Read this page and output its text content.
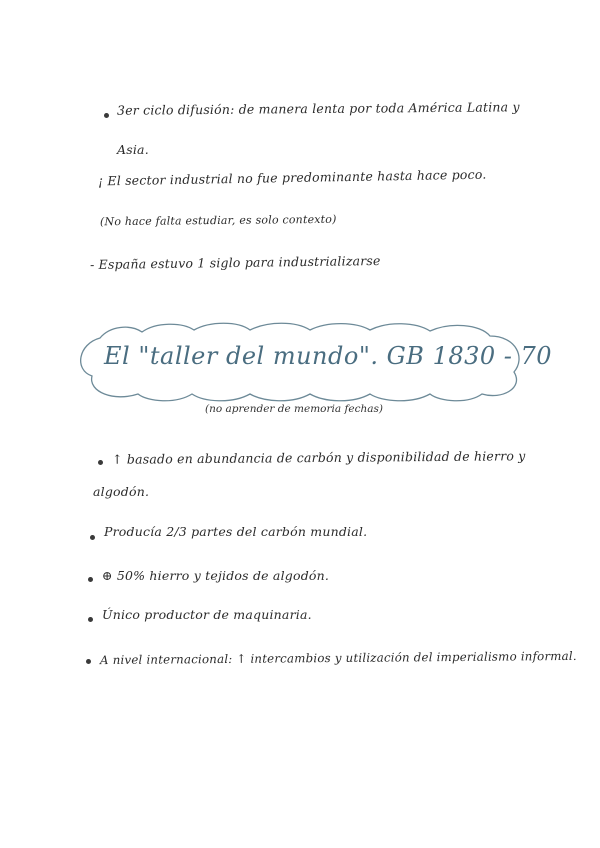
3er ciclo difusión: de manera lenta por toda América Latina y
Asia.
¡ El sector industrial no fue predominante hasta hace poco.
(No hace falta estudiar, es solo contexto)
- España estuvo 1 siglo para industrializarse
El "taller del mundo". GB 1830 - 70
(no aprender de memoria fechas)
↑ basado en abundancia de carbón y disponibilidad de hierro y
algodón.
Producía 2/3 partes del carbón mundial.
⊕ 50% hierro y tejidos de algodón.
Único productor de maquinaria.
A nivel internacional: ↑ intercambios y utilización del imperialismo informal.
